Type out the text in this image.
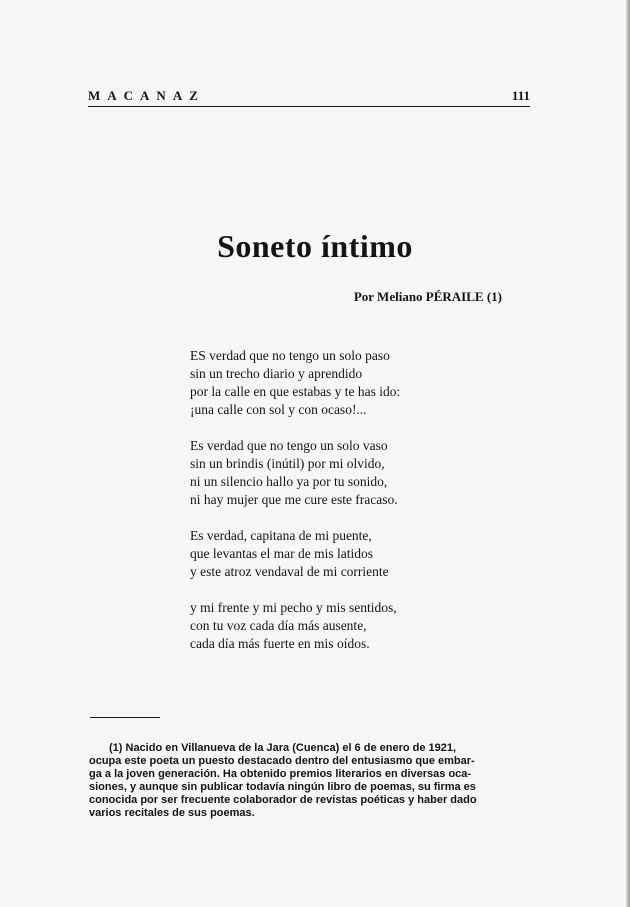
MACANAZ	111
Soneto íntimo
Por Meliano PÉRAILE (1)
ES verdad que no tengo un solo paso
sin un trecho diario y aprendido
por la calle en que estabas y te has ido:
¡una calle con sol y con ocaso!...
Es verdad que no tengo un solo vaso
sin un brindis (inútil) por mi olvido,
ni un silencio hallo ya por tu sonido,
ni hay mujer que me cure este fracaso.
Es verdad, capitana de mi puente,
que levantas el mar de mis latidos
y este atroz vendaval de mi corriente
y mi frente y mi pecho y mis sentidos,
con tu voz cada día más ausente,
cada día más fuerte en mis oídos.
(1) Nacido en Villanueva de la Jara (Cuenca) el 6 de enero de 1921,
ocupa este poeta un puesto destacado dentro del entusiasmo que embar-
ga a la joven generación. Ha obtenido premios literarios en diversas oca-
siones, y aunque sin publicar todavía ningún libro de poemas, su firma es
conocida por ser frecuente colaborador de revistas poéticas y haber dado
varios recitales de sus poemas.
